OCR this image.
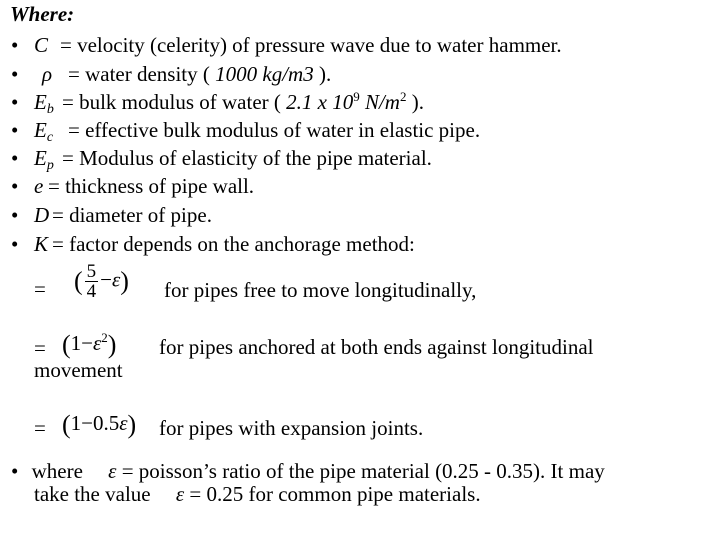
Where:
• C = velocity (celerity) of pressure wave due to water hammer.
• ρ = water density ( 1000 kg/m3 ).
• $E_b$ = bulk modulus of water ( 2.1 x $10^9$ $N/m^2$ ).
• $E_c$ = effective bulk modulus of water in elastic pipe.
• $E_p$ = Modulus of elasticity of the pipe material.
• e = thickness of pipe wall.
• D = diameter of pipe.
• K = factor depends on the anchorage method:
= ( $\frac{5}{4} -\varepsilon$) for pipes free to move longitudinally,
= $(1-\varepsilon^2)$ for pipes anchored at both ends against longitudinal
movement
= (1−0.5ε) for pipes with expansion joints.
• where ε = poisson’s ratio of the pipe material (0.25 - 0.35). It may
take the value ε = 0.25 for common pipe materials.
